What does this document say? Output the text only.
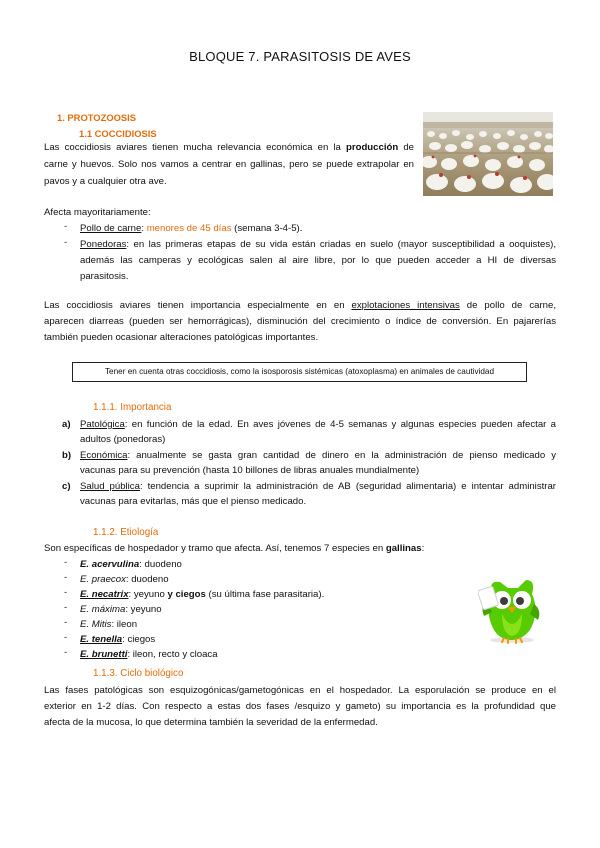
BLOQUE 7. PARASITOSIS DE AVES
1. PROTOZOOSIS
1.1 COCCIDIOSIS
Las coccidiosis aviares tienen mucha relevancia económica en la producción de
carne y huevos. Solo nos vamos a centrar en gallinas, pero se puede extrapolar en
pavos y a cualquier otra ave.
Afecta mayoritariamente:
- Pollo de carne: menores de 45 días (semana 3-4-5).
- Ponedoras: en las primeras etapas de su vida están criadas en suelo (mayor susceptibilidad a ooquistes),
además las camperas y ecológicas salen al aire libre, por lo que pueden acceder a HI de diversas
parasitosis.
Las coccidiosis aviares tienen importancia especialmente en en explotaciones intensivas de pollo de carne,
aparecen diarreas (pueden ser hemorrágicas), disminución del crecimiento o índice de conversión. En pajarerías
también pueden ocasionar alteraciones patológicas importantes.
Tener en cuenta otras coccidiosis, como la isosporosis sistémicas (atoxoplasma) en animales de cautividad
1.1.1. Importancia
a) Patológica: en función de la edad. En aves jóvenes de 4-5 semanas y algunas especies pueden afectar a
adultos (ponedoras)
b) Económica: anualmente se gasta gran cantidad de dinero en la administración de pienso medicado y
vacunas para su prevención (hasta 10 billones de libras anuales mundialmente)
c) Salud pública: tendencia a suprimir la administración de AB (seguridad alimentaria) e intentar administrar
vacunas para evitarlas, más que el pienso medicado.
1.1.2. Etiología
Son específicas de hospedador y tramo que afecta. Así, tenemos 7 especies en gallinas:
- E. acervulina: duodeno
- E. praecox: duodeno
- E. necatrix: yeyuno y ciegos (su última fase parasitaria).
- E. máxima: yeyuno
- E. Mitis: ileon
- E. tenella: ciegos
- E. brunetti: ileon, recto y cloaca
1.1.3. Ciclo biológico
Las fases patológicas son esquizogónicas/gametogónicas en el hospedador. La esporulación se produce en el
exterior en 1-2 días. Con respecto a estas dos fases /esquizo y gameto) su importancia es la profundidad que
afecta de la mucosa, lo que determina también la severidad de la enfermedad.
